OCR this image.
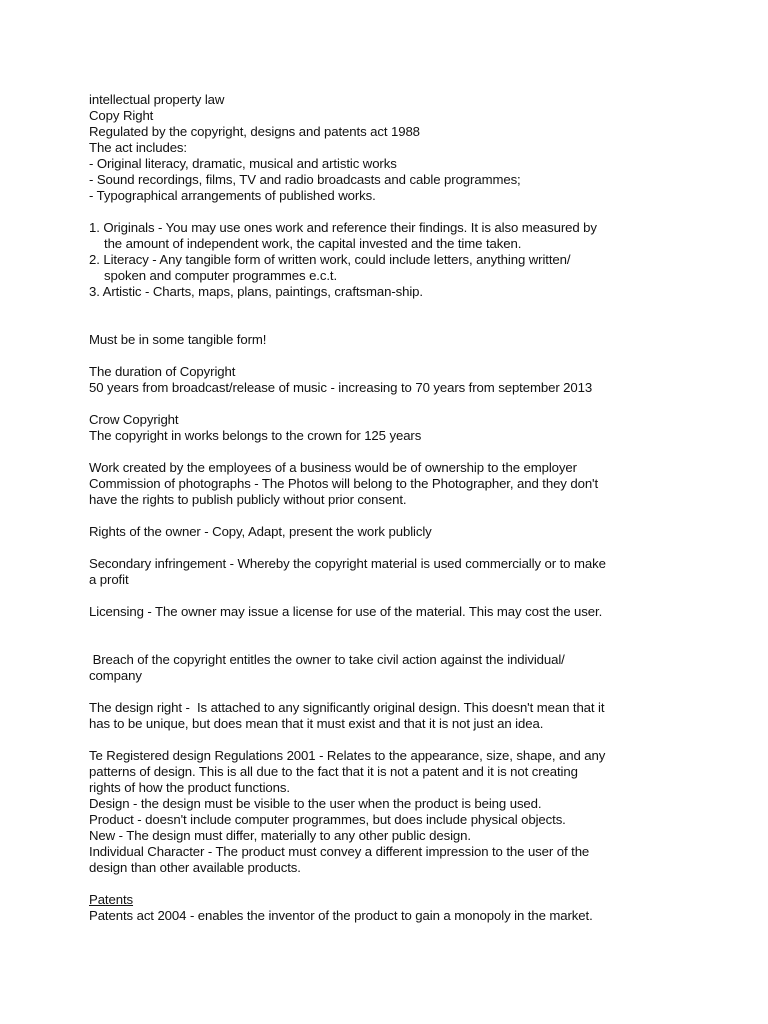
intellectual property law
Copy Right
Regulated by the copyright, designs and patents act 1988
The act includes:
- Original literacy, dramatic, musical and artistic works
- Sound recordings, films, TV and radio broadcasts and cable programmes;
- Typographical arrangements of published works.
1. Originals - You may use ones work and reference their findings. It is also measured by
the amount of independent work, the capital invested and the time taken.
2. Literacy - Any tangible form of written work, could include letters, anything written/
spoken and computer programmes e.c.t.
3. Artistic - Charts, maps, plans, paintings, craftsman-ship.
Must be in some tangible form!
The duration of Copyright
50 years from broadcast/release of music - increasing to 70 years from september 2013
Crow Copyright
The copyright in works belongs to the crown for 125 years
Work created by the employees of a business would be of ownership to the employer
Commission of photographs - The Photos will belong to the Photographer, and they don't
have the rights to publish publicly without prior consent.
Rights of the owner - Copy, Adapt, present the work publicly
Secondary infringement - Whereby the copyright material is used commercially or to make
a profit
Licensing - The owner may issue a license for use of the material. This may cost the user.
Breach of the copyright entitles the owner to take civil action against the individual/
company
The design right -  Is attached to any significantly original design. This doesn't mean that it
has to be unique, but does mean that it must exist and that it is not just an idea.
Te Registered design Regulations 2001 - Relates to the appearance, size, shape, and any
patterns of design. This is all due to the fact that it is not a patent and it is not creating
rights of how the product functions.
Design - the design must be visible to the user when the product is being used.
Product - doesn't include computer programmes, but does include physical objects.
New - The design must differ, materially to any other public design.
Individual Character - The product must convey a different impression to the user of the
design than other available products.
Patents
Patents act 2004 - enables the inventor of the product to gain a monopoly in the market.
